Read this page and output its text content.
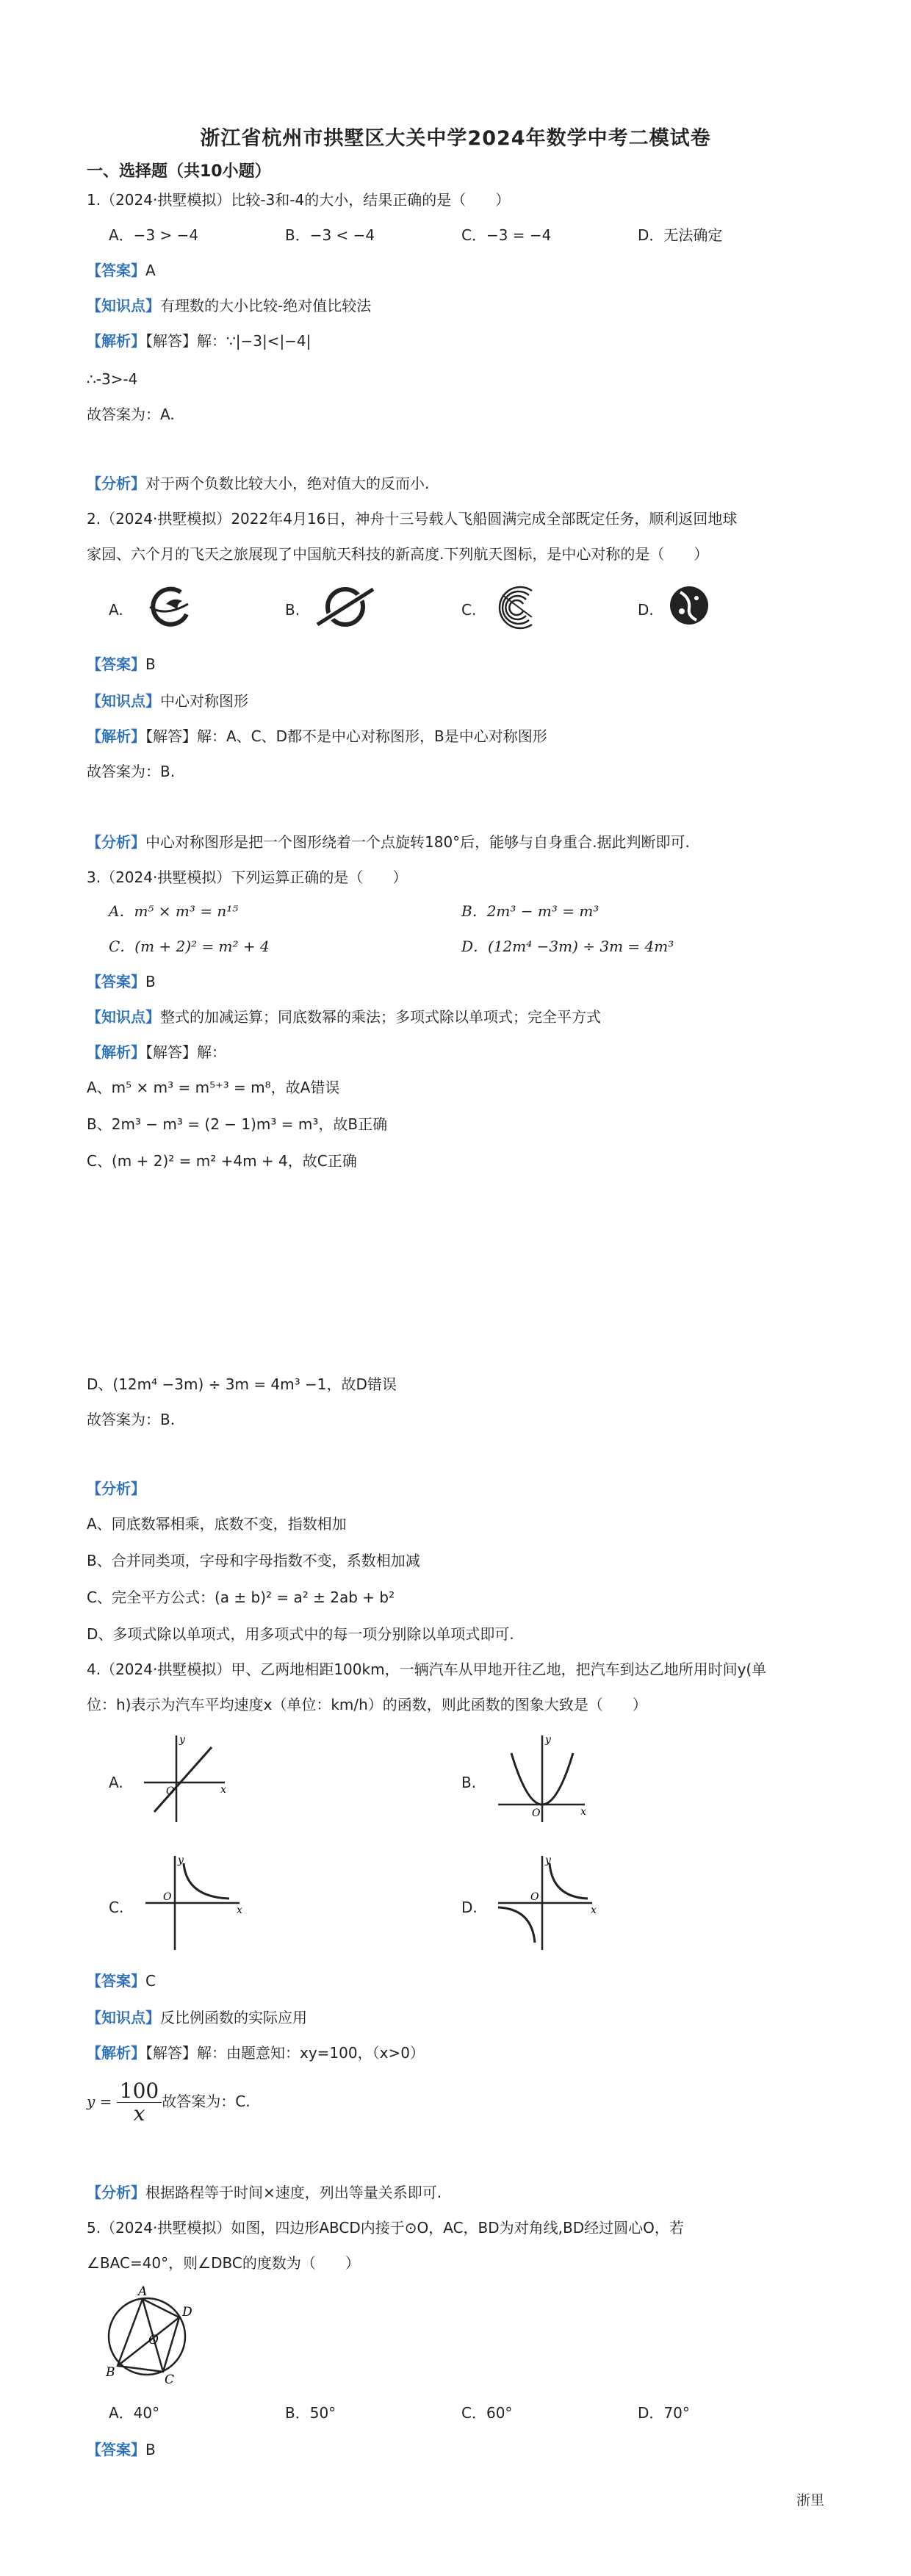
浙江省杭州市拱墅区大关中学2024年数学中考二模试卷
一、选择题（共10小题）
1.（2024·拱墅模拟）比较-3和-4的大小，结果正确的是（　　）
A．−3 > −4	B．−3 < −4	C．−3 = −4	D．无法确定
【答案】A
【知识点】有理数的大小比较-绝对值比较法
【解析】【解答】解：∵|−3|<|−4|
∴-3>-4
故答案为：A.
【分析】对于两个负数比较大小，绝对值大的反而小.
2.（2024·拱墅模拟）2022年4月16日，神舟十三号载人飞船圆满完成全部既定任务，顺利返回地球
家园、六个月的飞天之旅展现了中国航天科技的新高度.下列航天图标，是中心对称的是（　　）
A.	B.	C.	D.
【答案】B
【知识点】中心对称图形
【解析】【解答】解：A、C、D都不是中心对称图形，B是中心对称图形
故答案为：B.
【分析】中心对称图形是把一个图形绕着一个点旋转180°后，能够与自身重合.据此判断即可.
3.（2024·拱墅模拟）下列运算正确的是（　　）
A．m⁵ × m³ = n¹⁵	B．2m³ − m³ = m³
C．(m + 2)² = m² + 4	D．(12m⁴ −3m) ÷ 3m = 4m³
【答案】B
【知识点】整式的加减运算；同底数幂的乘法；多项式除以单项式；完全平方式
【解析】【解答】解：
A、m⁵ × m³ = m⁵⁺³ = m⁸，故A错误
B、2m³ − m³ = (2 − 1)m³ = m³，故B正确
C、(m + 2)² = m² +4m + 4，故C正确
D、(12m⁴ −3m) ÷ 3m = 4m³ −1，故D错误
故答案为：B.
【分析】
A、同底数幂相乘，底数不变，指数相加
B、合并同类项，字母和字母指数不变，系数相加减
C、完全平方公式：(a ± b)² = a² ± 2ab + b²
D、多项式除以单项式，用多项式中的每一项分别除以单项式即可.
4.（2024·拱墅模拟）甲、乙两地相距100km，一辆汽车从甲地开往乙地，把汽车到达乙地所用时间y(单
位：h)表示为汽车平均速度x（单位：km/h）的函数，则此函数的图象大致是（　　）
A.
y
x
O	B.
y
x
O
C.
y
x
O
D.
y
x
O
【答案】C
【知识点】反比例函数的实际应用
【解析】【解答】解：由题意知：xy=100，（x>0）
$y = \frac{100}{x}$ 故答案为：C.
【分析】根据路程等于时间×速度，列出等量关系即可.
5.（2024·拱墅模拟）如图，四边形ABCD内接于⊙O，AC，BD为对角线,BD经过圆心O，若
∠BAC=40°，则∠DBC的度数为（　　）
A
B	C
D
O
A．40°	B．50°	C．60°	D．70°
【答案】B
浙里
